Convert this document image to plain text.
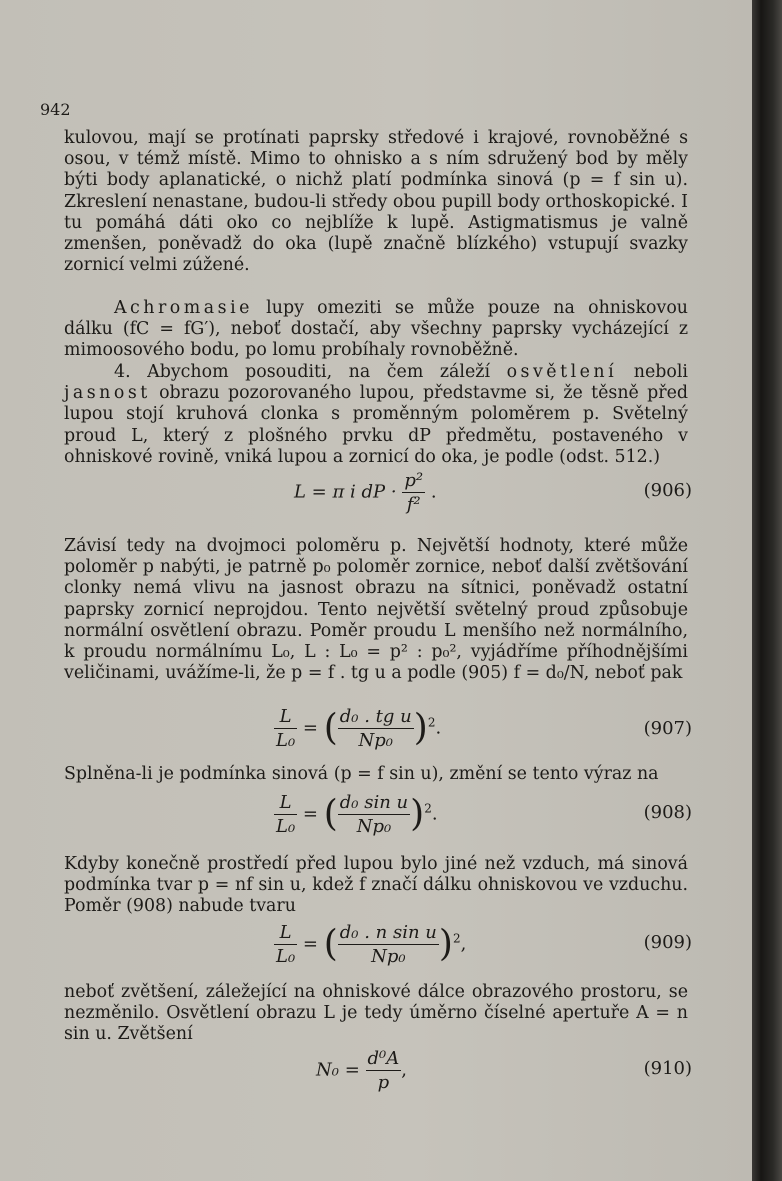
942
kulovou, mají se protínati paprsky středové i krajové, rovnoběžné s osou, v témž místě. Mimo to ohnisko a s ním sdružený bod by měly býti body aplanatické, o nichž platí podmínka sinová (p = f sin u). Zkreslení nenastane, budou-li středy obou pupill body orthoskopické. I tu pomáhá dáti oko co nejblíže k lupě. Astigmatismus je valně zmenšen, poněvadž do oka (lupě značně blízkého) vstupují svazky zornicí velmi zúžené.
Achromasie lupy omeziti se může pouze na ohniskovou dálku (fC = fG′), neboť dostačí, aby všechny paprsky vycházející z mimoosového bodu, po lomu probíhaly rovnoběžně.
4. Abychom posouditi, na čem záleží osvětlení neboli jasnost obrazu pozorovaného lupou, představme si, že těsně před lupou stojí kruhová clonka s proměnným poloměrem p. Světelný proud L, který z plošného prvku dP předmětu, postaveného v ohniskové rovině, vniká lupou a zornicí do oka, je podle (odst. 512.)
L = π i dP · $\frac{\text{p²}}{\text{f²}}$ .	(906)
Závisí tedy na dvojmoci poloměru p. Největší hodnoty, které může poloměr p nabýti, je patrně p₀ poloměr zornice, neboť další zvětšování clonky nemá vlivu na jasnost obrazu na sítnici, poněvadž ostatní paprsky zornicí neprojdou. Tento největší světelný proud způsobuje normální osvětlení obrazu. Poměr proudu L menšího než normálního, k proudu normálnímu L₀, L : L₀ = p² : p₀², vyjádříme příhodnějšími veličinami, uvážíme-li, že p = f . tg u a podle (905) f = d₀/N, neboť pak
$\frac{L}{\text{L₀}}$ = ( $\frac{\text{d₀ . tg u}}{\text{Np₀}} )^2$.	(907)
Splněna-li je podmínka sinová (p = f sin u), změní se tento výraz na
$\frac{L}{\text{L₀}}$ = ( $\frac{\text{d₀ sin u}}{\text{Np₀}} )^2$.	(908)
Kdyby konečně prostředí před lupou bylo jiné než vzduch, má sinová podmínka tvar p = nf sin u, kdež f značí dálku ohniskovou ve vzduchu. Poměr (908) nabude tvaru
$\frac{L}{\text{L₀}}$ = ( $\frac{\text{d₀ . n sin u}}{\text{Np₀}} )^2$,	(909)
neboť zvětšení, záležející na ohniskové dálce obrazového prostoru, se nezměnilo. Osvětlení obrazu L je tedy úměrno číselné apertuře A = n sin u. Zvětšení
$N_0 = \frac{\text{d⁰A}}{p}$ ,	(910)
